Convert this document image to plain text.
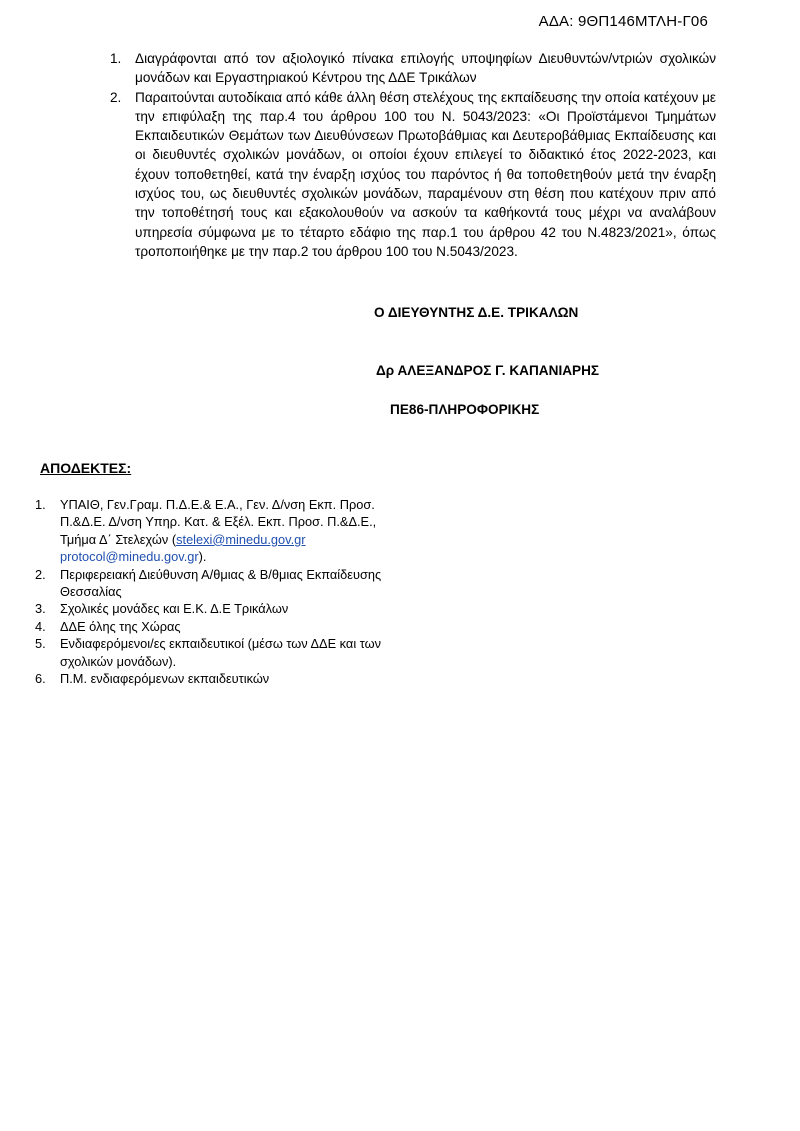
ΑΔΑ: 9ΘΠ146ΜΤΛΗ-Γ06
1. Διαγράφονται από τον αξιολογικό πίνακα επιλογής υποψηφίων Διευθυντών/ντριών σχολικών μονάδων και Εργαστηριακού Κέντρου της ΔΔΕ Τρικάλων
2. Παραιτούνται αυτοδίκαια από κάθε άλλη θέση στελέχους της εκπαίδευσης την οποία κατέχουν με την επιφύλαξη της παρ.4 του άρθρου 100 του Ν. 5043/2023: «Οι Προϊστάμενοι Τμημάτων Εκπαιδευτικών Θεμάτων των Διευθύνσεων Πρωτοβάθμιας και Δευτεροβάθμιας Εκπαίδευσης και οι διευθυντές σχολικών μονάδων, οι οποίοι έχουν επιλεγεί το διδακτικό έτος 2022-2023, και έχουν τοποθετηθεί, κατά την έναρξη ισχύος του παρόντος ή θα τοποθετηθούν μετά την έναρξη ισχύος του, ως διευθυντές σχολικών μονάδων, παραμένουν στη θέση που κατέχουν πριν από την τοποθέτησή τους και εξακολουθούν να ασκούν τα καθήκοντά τους μέχρι να αναλάβουν υπηρεσία σύμφωνα με το τέταρτο εδάφιο της παρ.1 του άρθρου 42 του Ν.4823/2021», όπως τροποποιήθηκε με την παρ.2 του άρθρου 100 του Ν.5043/2023.
Ο ΔΙΕΥΘΥΝΤΗΣ Δ.Ε. ΤΡΙΚΑΛΩΝ
Δρ ΑΛΕΞΑΝΔΡΟΣ Γ. ΚΑΠΑΝΙΑΡΗΣ
ΠΕ86-ΠΛΗΡΟΦΟΡΙΚΗΣ
ΑΠΟΔΕΚΤΕΣ:
1. ΥΠΑΙΘ, Γεν.Γραμ. Π.Δ.Ε.& Ε.Α., Γεν. Δ/νση Εκπ. Προσ.
Π.&Δ.Ε. Δ/νση Υπηρ. Κατ. & Εξέλ. Εκπ. Προσ. Π.&Δ.Ε.,
Τμήμα Δ΄ Στελεχών (stelexi@minedu.gov.gr
protocol@minedu.gov.gr).
2. Περιφερειακή Διεύθυνση Α/θμιας & Β/θμιας Εκπαίδευσης Θεσσαλίας
3. Σχολικές μονάδες και Ε.Κ. Δ.Ε Τρικάλων
4. ΔΔΕ όλης της Χώρας
5. Ενδιαφερόμενοι/ες εκπαιδευτικοί (μέσω των ΔΔΕ και των σχολικών μονάδων).
6. Π.Μ. ενδιαφερόμενων εκπαιδευτικών
